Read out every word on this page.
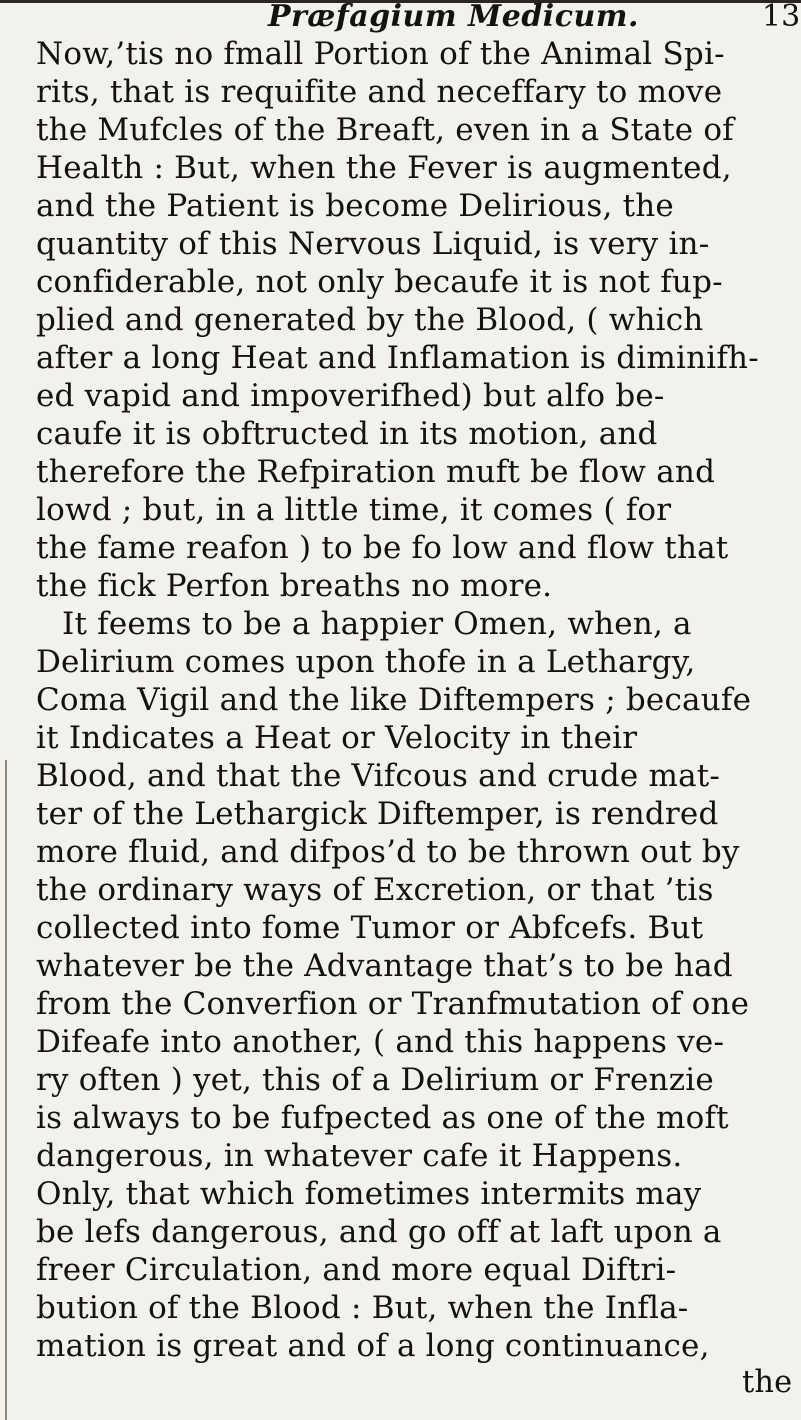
Præfagium Medicum.	13
Now,’tis no fmall Portion of the Animal Spi-
rits, that is requifite and neceffary to move
the Mufcles of the Breaft, even in a State of
Health : But, when the Fever is augmented,
and the Patient is become Delirious, the
quantity of this Nervous Liquid, is very in-
confiderable, not only becaufe it is not fup-
plied and generated by the Blood, ( which
after a long Heat and Inflamation is diminifh-
ed vapid and impoverifhed) but alfo be-
caufe it is obftructed in its motion, and
therefore the Refpiration muft be flow and
lowd ; but, in a little time, it comes ( for
the fame reafon ) to be fo low and flow that
the fick Perfon breaths no more.
It feems to be a happier Omen, when, a
Delirium comes upon thofe in a Lethargy,
Coma Vigil and the like Diftempers ; becaufe
it Indicates a Heat or Velocity in their
Blood, and that the Vifcous and crude mat-
ter of the Lethargick Diftemper, is rendred
more fluid, and difpos’d to be thrown out by
the ordinary ways of Excretion, or that ’tis
collected into fome Tumor or Abfcefs. But
whatever be the Advantage that’s to be had
from the Converfion or Tranfmutation of one
Difeafe into another, ( and this happens ve-
ry often ) yet, this of a Delirium or Frenzie
is always to be fufpected as one of the moft
dangerous, in whatever cafe it Happens.
Only, that which fometimes intermits may
be lefs dangerous, and go off at laft upon a
freer Circulation, and more equal Diftri-
bution of the Blood : But, when the Infla-
mation is great and of a long continuance,
the
